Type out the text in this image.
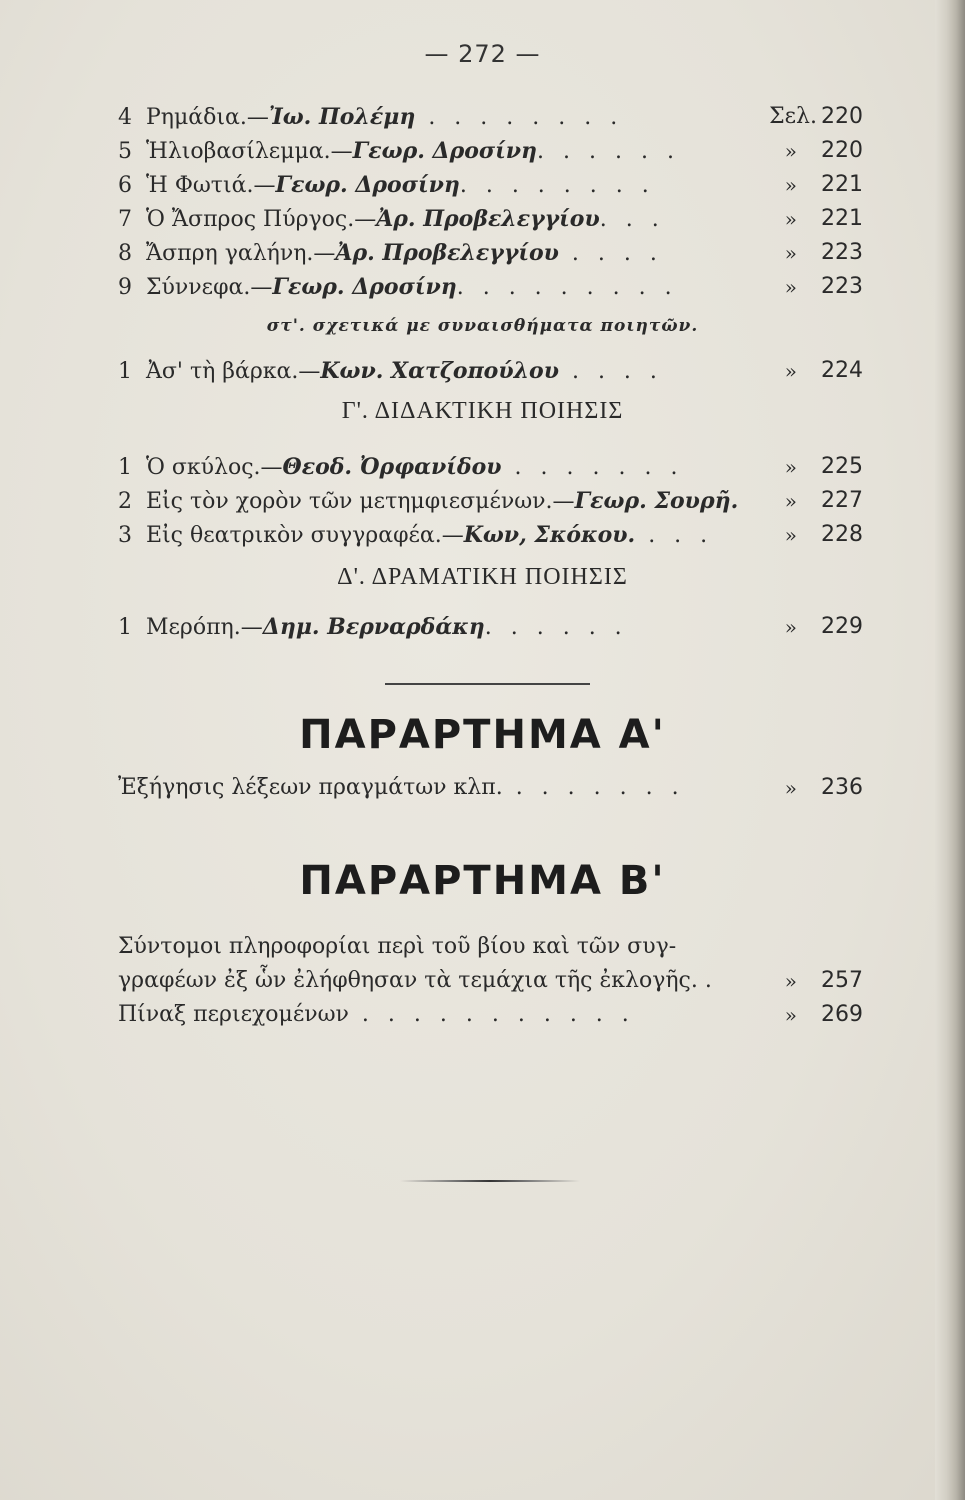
— 272 —
4 Ρημάδια.—Ἰω. Πολέμη . . . . . . . .	Σελ. 220
5 Ἡλιοβασίλεμμα.—Γεωρ. Δροσίνη. . . . . .	» 220
6 Ἡ Φωτιά.—Γεωρ. Δροσίνη. . . . . . . .	» 221
7 Ὁ Ἄσπρος Πύργος.—Ἀρ. Προβελεγγίου. . .	» 221
8 Ἄσπρη γαλήνη.—Ἀρ. Προβελεγγίου . . . .	» 223
9 Σύννεφα.—Γεωρ. Δροσίνη. . . . . . . . .	» 223
στ'. σχετικά με συναισθήματα ποιητῶν.
1 Ἀσ' τὴ βάρκα.—Κων. Χατζοπούλου . . . .	» 224
Γ'. ΔΙΔΑΚΤΙΚΗ ΠΟΙΗΣΙΣ
1 Ὁ σκύλος.—Θεοδ. Ὀρφανίδου . . . . . . .	» 225
2 Εἰς τὸν χορὸν τῶν μετημφιεσμένων.—Γεωρ. Σουρῆ. » 227
3 Εἰς θεατρικὸν συγγραφέα.—Κων, Σκόκου. . . .	» 228
Δ'. ΔΡΑΜΑΤΙΚΗ ΠΟΙΗΣΙΣ
1 Μερόπη.—Δημ. Βερναρδάκη. . . . . .	» 229
ΠΑΡΑΡΤΗΜΑ Α'
Ἐξήγησις λέξεων πραγμάτων κλπ. . . . . . . .	» 236
ΠΑΡΑΡΤΗΜΑ Β'
Σύντομοι πληροφορίαι περὶ τοῦ βίου καὶ τῶν συγ-
γραφέων ἐξ ὧν ἐλήφθησαν τὰ τεμάχια τῆς ἐκλογῆς. .	» 257
Πίναξ περιεχομένων . . . . . . . . . . .	» 269
